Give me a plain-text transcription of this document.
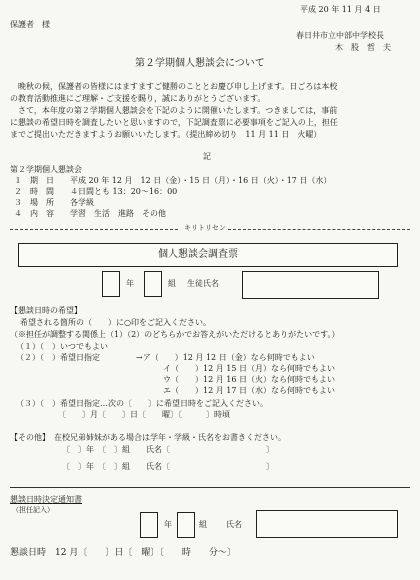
平成 20 年 11 月 4 日
保護者　様
春日井市立中部中学校長
木　股　哲　夫
第２学期個人懇談会について
晩秋の候，保護者の皆様にはますますご健勝のこととお慶び申し上げます。日ごろは本校
の教育活動推進にご理解・ご支援を賜り，誠にありがとうございます。
さて，本年度の第２学期個人懇談会を下記のように開催いたします。つきましては，事前
に懇談の希望日時を調査したいと思いますので，下記調査票に必要事項をご記入の上，担任
までご提出いただきますようお願いいたします。（提出締め切り　11 月 11 日　火曜）
記
第２学期個人懇談会
１　期　日　　平成 20 年 12 月　12 日（金）・15 日（月）・16 日（火）・17 日（水）
２　時　間　　４日間とも 13：20～16：00
３　場　所　　各学級
４　内　容　　学習　生活　進路　その他
キリトリセン
個人懇談会調査票
年	組 生徒氏名
【懇談日時の希望】
希望される箇所の（　　）に○印をご記入ください。
（※担任が調整する関係上（1）（2）のどちらかでお答えがいただけるとありがたいです。）
（１）（　）いつでもよい
（２）（　）希望日指定	→ア（　　）12 月 12 日（金）なら何時でもよい
イ（　　）12 月 15 日（月）なら何時でもよい
ウ（　　）12 月 16 日（火）なら何時でもよい
エ（　　）12 月 17 日（水）なら何時でもよい
（３）（　）希望日指定…次の〔　　〕に希望日時をご記入ください。
〔　　〕月〔　　〕日〔　　曜〕〔　　　〕時頃
【その他】　在校兄弟姉妹がある場合は学年・学級・氏名をお書きください。
〔　〕年　〔　〕組　　氏名〔　　　　　　　　　　　　〕
〔　〕年　〔　〕組　　氏名〔　　　　　　　　　　　　〕
懇談日時決定通知書
（担任記入）
年	組 氏名
懇談日時　12 月〔　　〕日〔　曜〕〔　　時　　分～〕
